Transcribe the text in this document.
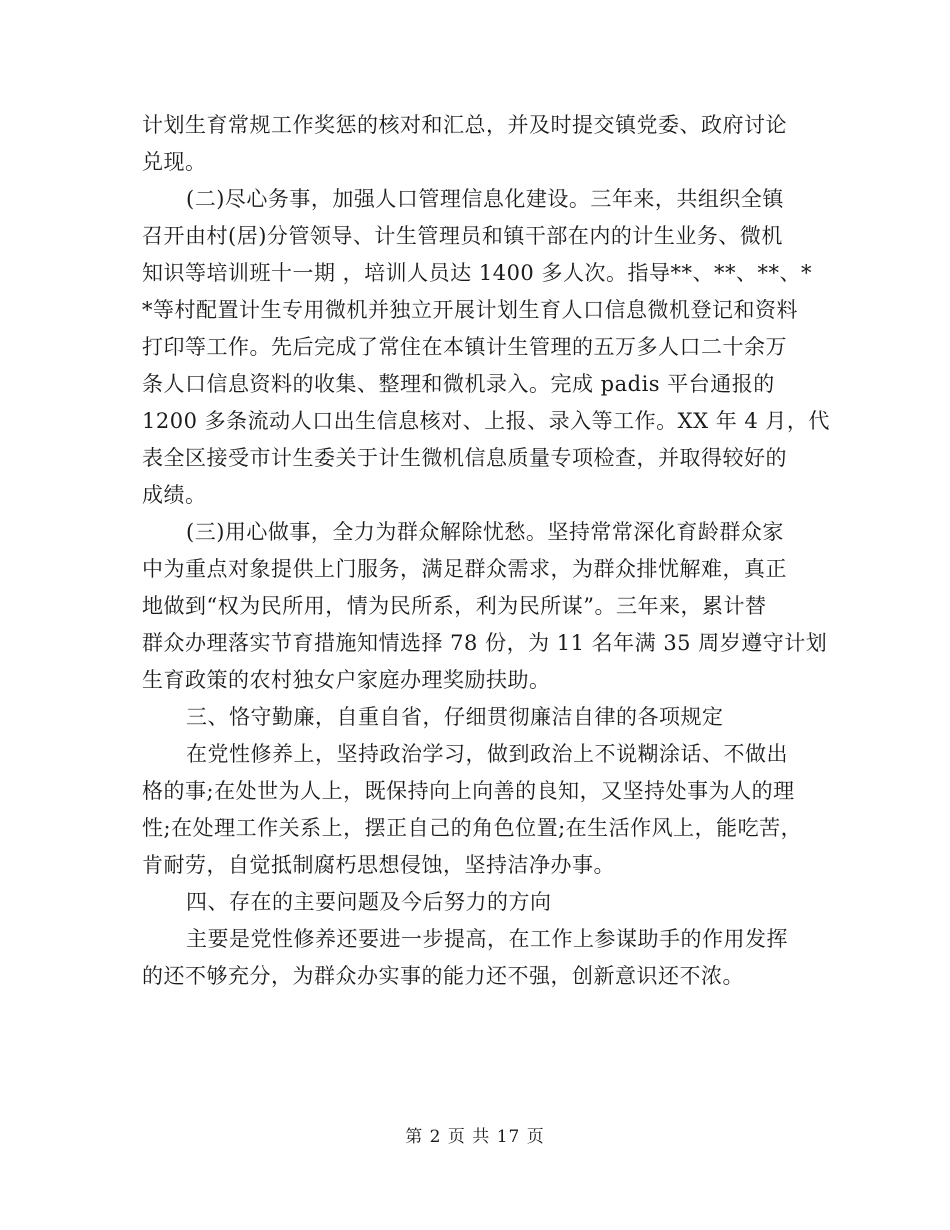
计划生育常规工作奖惩的核对和汇总，并及时提交镇党委、政府讨论
兑现。
(二)尽心务事，加强人口管理信息化建设。三年来，共组织全镇
召开由村(居)分管领导、计生管理员和镇干部在内的计生业务、微机
知识等培训班十一期 ，培训人员达 1400 多人次。指导**、**、**、*
*等村配置计生专用微机并独立开展计划生育人口信息微机登记和资料
打印等工作。先后完成了常住在本镇计生管理的五万多人口二十余万
条人口信息资料的收集、整理和微机录入。完成 padis 平台通报的
1200 多条流动人口出生信息核对、上报、录入等工作。XX 年 4 月，代
表全区接受市计生委关于计生微机信息质量专项检查，并取得较好的
成绩。
(三)用心做事，全力为群众解除忧愁。坚持常常深化育龄群众家
中为重点对象提供上门服务，满足群众需求，为群众排忧解难，真正
地做到“权为民所用，情为民所系，利为民所谋”。三年来，累计替
群众办理落实节育措施知情选择 78 份，为 11 名年满 35 周岁遵守计划
生育政策的农村独女户家庭办理奖励扶助。
三、恪守勤廉，自重自省，仔细贯彻廉洁自律的各项规定
在党性修养上，坚持政治学习，做到政治上不说糊涂话、不做出
格的事;在处世为人上，既保持向上向善的良知，又坚持处事为人的理
性;在处理工作关系上，摆正自己的角色位置;在生活作风上，能吃苦，
肯耐劳，自觉抵制腐朽思想侵蚀，坚持洁净办事。
四、存在的主要问题及今后努力的方向
主要是党性修养还要进一步提高，在工作上参谋助手的作用发挥
的还不够充分，为群众办实事的能力还不强，创新意识还不浓。
第 2 页 共 17 页
